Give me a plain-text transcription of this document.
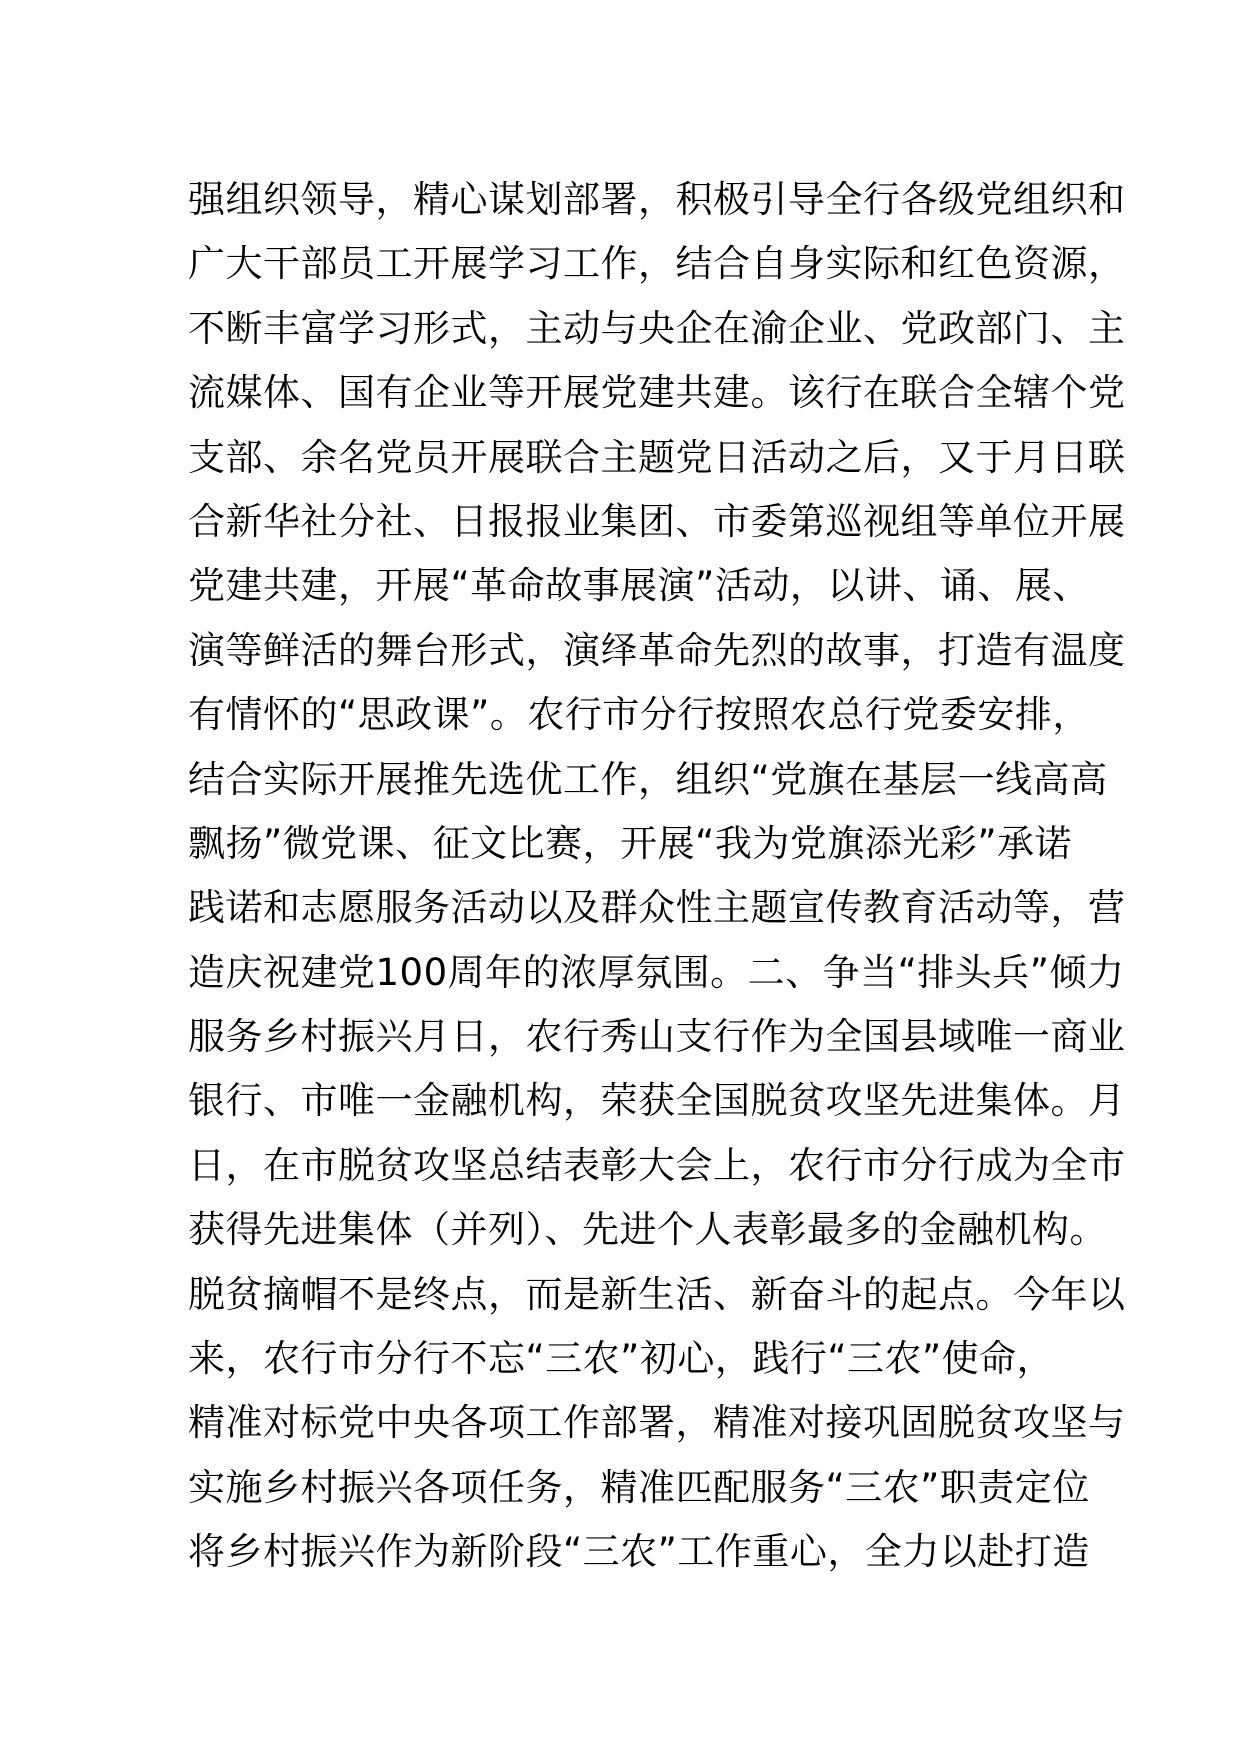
强组织领导，精心谋划部署，积极引导全行各级党组织和
广大干部员工开展学习工作，结合自身实际和红色资源，
不断丰富学习形式，主动与央企在渝企业、党政部门、主
流媒体、国有企业等开展党建共建。该行在联合全辖个党
支部、余名党员开展联合主题党日活动之后，又于月日联
合新华社分社、日报报业集团、市委第巡视组等单位开展
党建共建，开展“革命故事展演”活动，以讲、诵、展、
演等鲜活的舞台形式，演绎革命先烈的故事，打造有温度
有情怀的“思政课”。农行市分行按照农总行党委安排，
结合实际开展推先选优工作，组织“党旗在基层一线高高
飘扬”微党课、征文比赛，开展“我为党旗添光彩”承诺
践诺和志愿服务活动以及群众性主题宣传教育活动等，营
造庆祝建党100周年的浓厚氛围。二、争当“排头兵”倾力
服务乡村振兴月日，农行秀山支行作为全国县域唯一商业
银行、市唯一金融机构，荣获全国脱贫攻坚先进集体。月
日，在市脱贫攻坚总结表彰大会上，农行市分行成为全市
获得先进集体（并列）、先进个人表彰最多的金融机构。
脱贫摘帽不是终点，而是新生活、新奋斗的起点。今年以
来，农行市分行不忘“三农”初心，践行“三农”使命，
精准对标党中央各项工作部署，精准对接巩固脱贫攻坚与
实施乡村振兴各项任务，精准匹配服务“三农”职责定位
将乡村振兴作为新阶段“三农”工作重心，全力以赴打造
